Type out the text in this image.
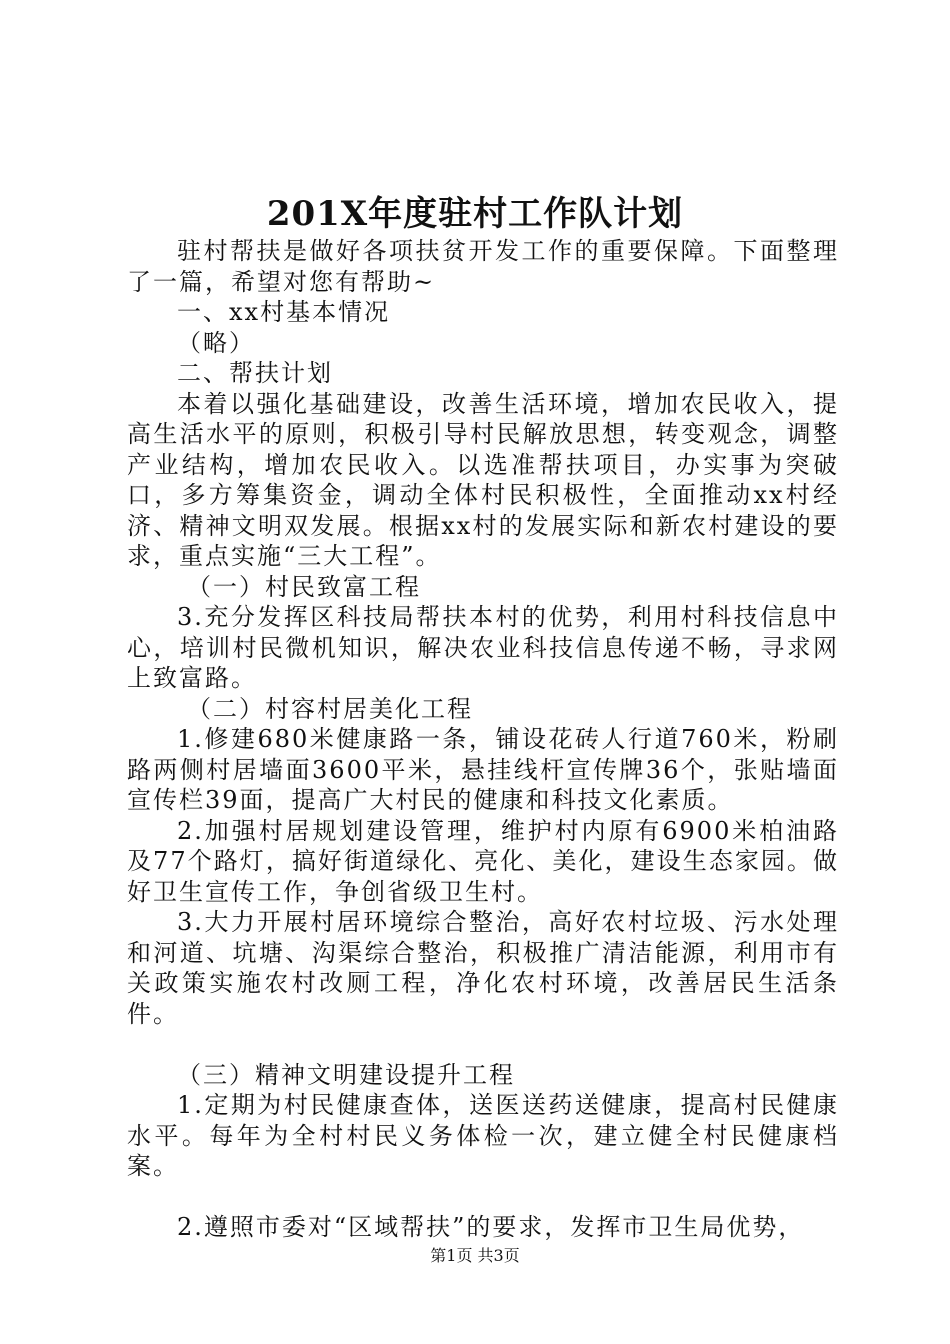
201X年度驻村工作队计划

驻村帮扶是做好各项扶贫开发工作的重要保障。下面整理了一篇，希望对您有帮助~

一、xx村基本情况

（略）

二、帮扶计划

本着以强化基础建设，改善生活环境，增加农民收入，提高生活水平的原则，积极引导村民解放思想，转变观念，调整产业结构，增加农民收入。以选准帮扶项目，办实事为突破口，多方筹集资金，调动全体村民积极性，全面推动xx村经济、精神文明双发展。根据xx村的发展实际和新农村建设的要求，重点实施“三大工程”。

（一）村民致富工程

3.充分发挥区科技局帮扶本村的优势，利用村科技信息中心，培训村民微机知识，解决农业科技信息传递不畅，寻求网上致富路。

（二）村容村居美化工程

1.修建680米健康路一条，铺设花砖人行道760米，粉刷路两侧村居墙面3600平米，悬挂线杆宣传牌36个，张贴墙面宣传栏39面，提高广大村民的健康和科技文化素质。

2.加强村居规划建设管理，维护村内原有6900米柏油路及77个路灯，搞好街道绿化、亮化、美化，建设生态家园。做好卫生宣传工作，争创省级卫生村。

3.大力开展村居环境综合整治，高好农村垃圾、污水处理和河道、坑塘、沟渠综合整治，积极推广清洁能源，利用市有关政策实施农村改厕工程，净化农村环境，改善居民生活条件。

（三）精神文明建设提升工程

1.定期为村民健康查体，送医送药送健康，提高村民健康水平。每年为全村村民义务体检一次，建立健全村民健康档案。

2.遵照市委对“区域帮扶”的要求，发挥市卫生局优势，

第1页 共3页
